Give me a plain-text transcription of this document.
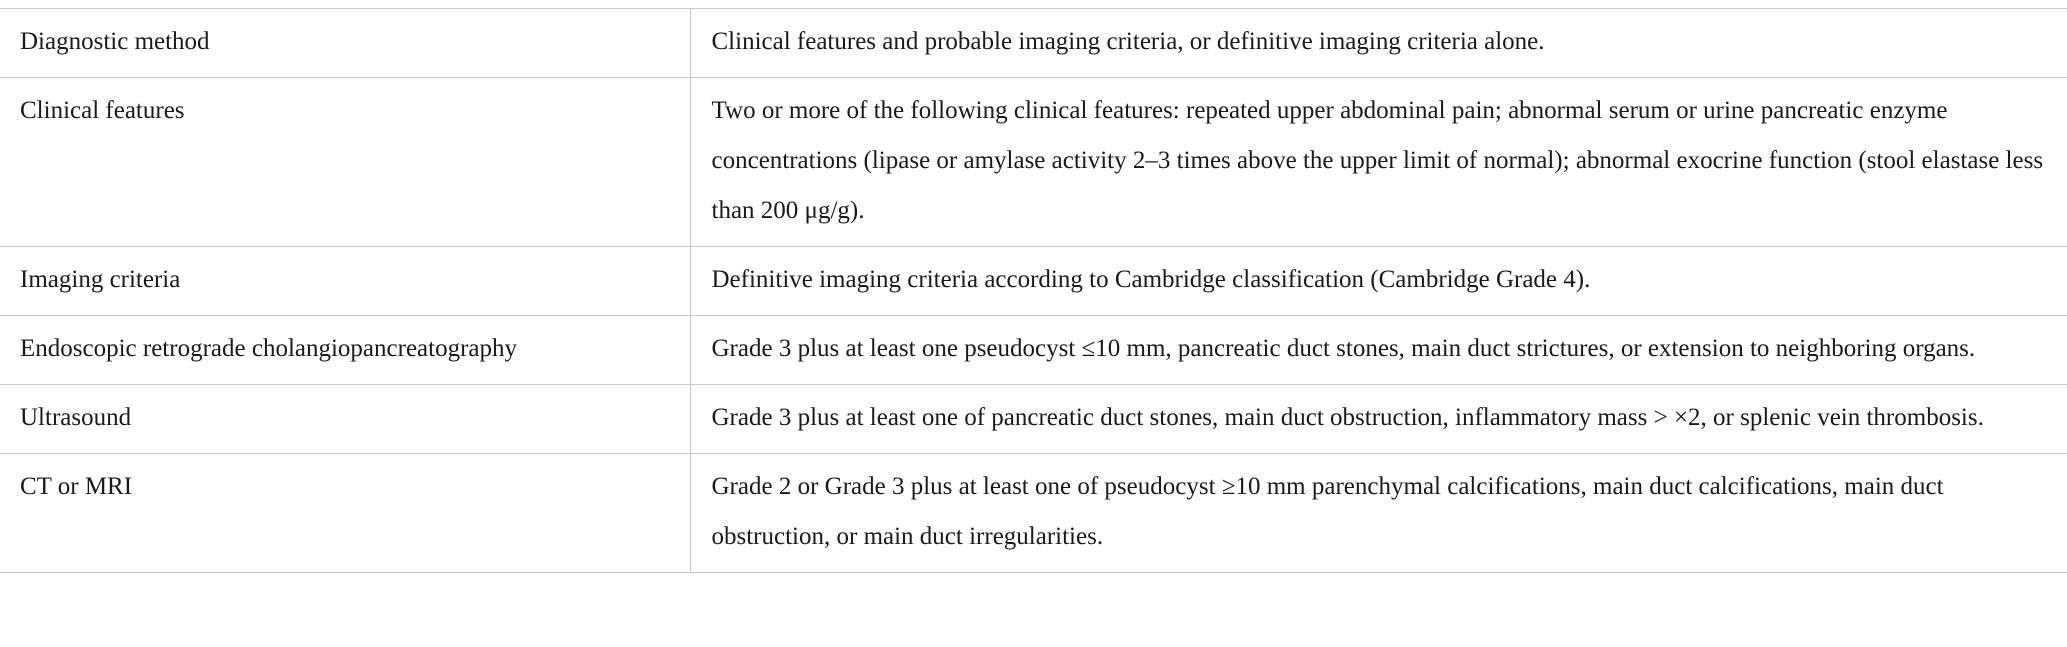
Diagnostic method	Clinical features and probable imaging criteria, or definitive imaging criteria alone.
Clinical features	Two or more of the following clinical features: repeated upper abdominal pain; abnormal serum or urine pancreatic enzyme concentrations (lipase or amylase activity 2–3 times above the upper limit of normal); abnormal exocrine function (stool elastase less than 200 μg/g).
Imaging criteria	Definitive imaging criteria according to Cambridge classification (Cambridge Grade 4).
Endoscopic retrograde cholangiopancreatography	Grade 3 plus at least one pseudocyst ≤10 mm, pancreatic duct stones, main duct strictures, or extension to neighboring organs.
Ultrasound	Grade 3 plus at least one of pancreatic duct stones, main duct obstruction, inflammatory mass > ×2, or splenic vein thrombosis.
CT or MRI	Grade 2 or Grade 3 plus at least one of pseudocyst ≥10 mm parenchymal calcifications, main duct calcifications, main duct obstruction, or main duct irregularities.
